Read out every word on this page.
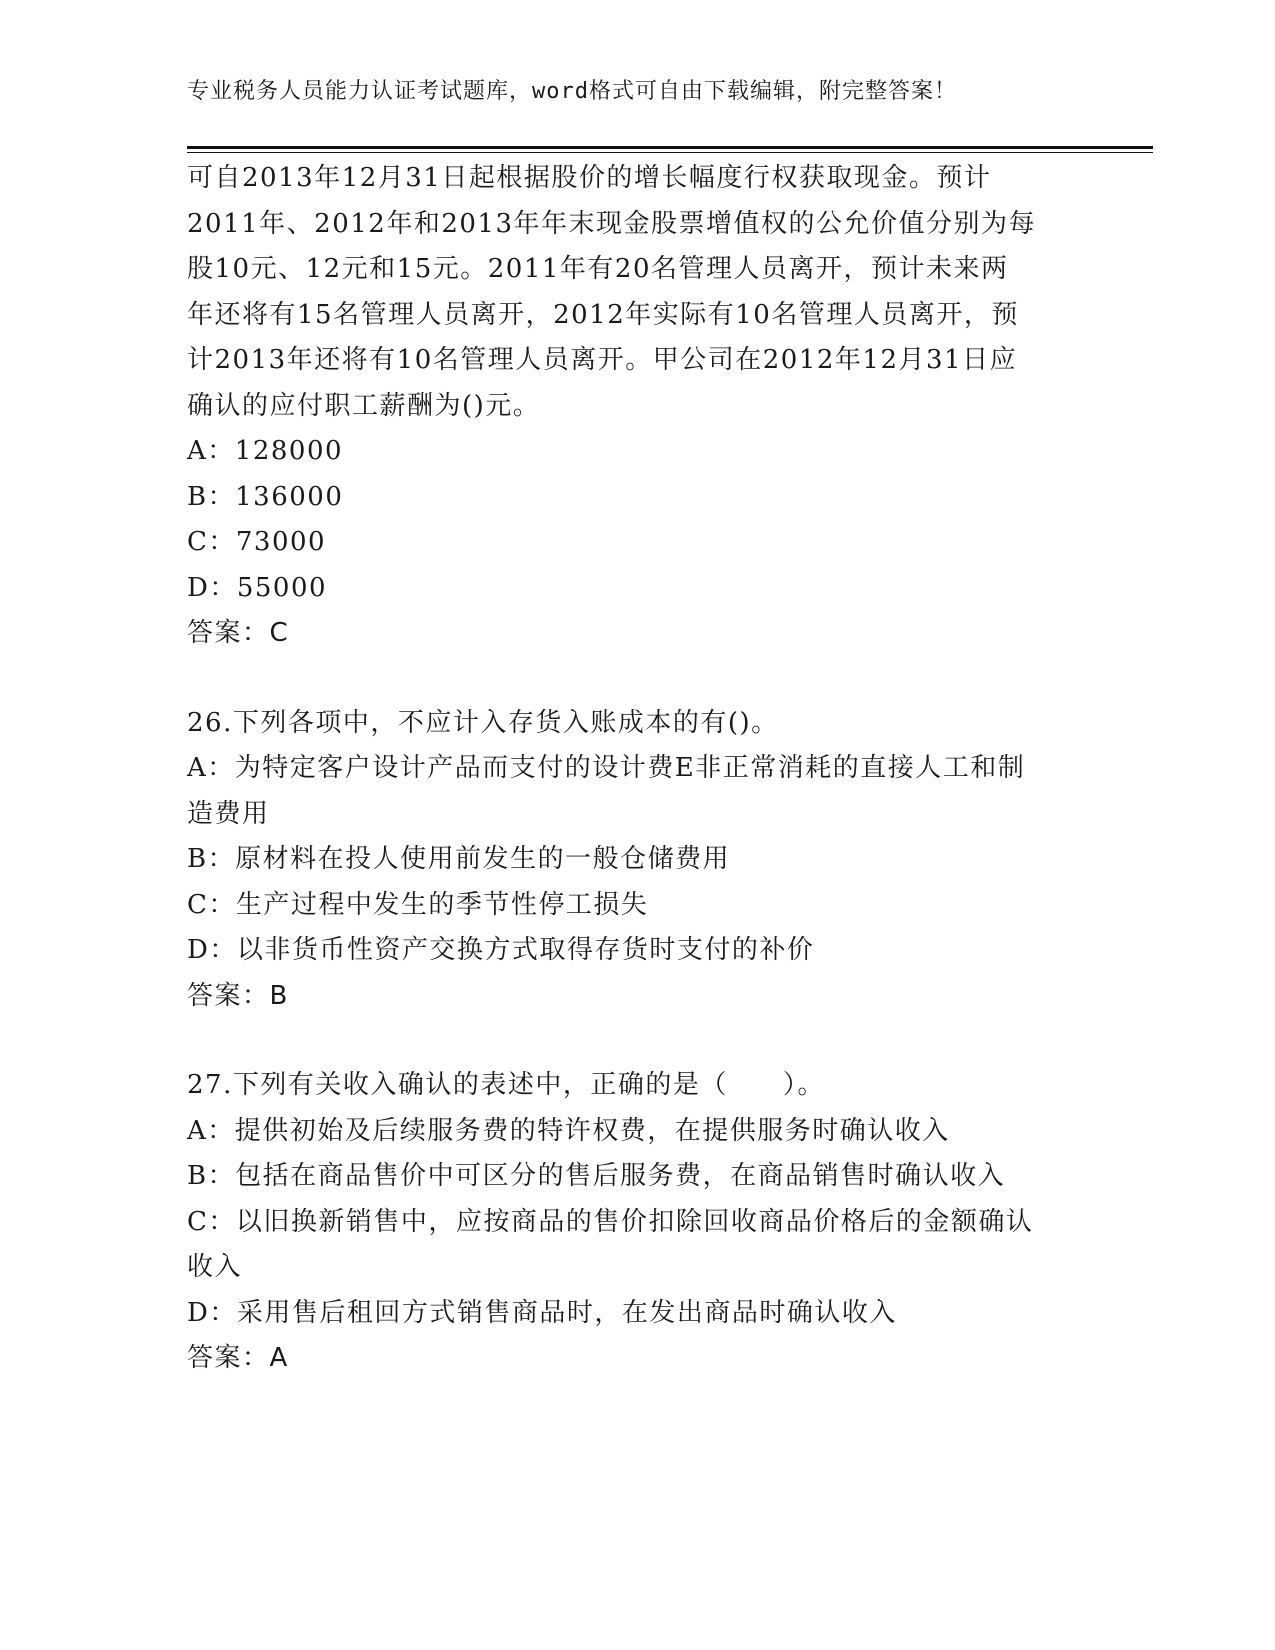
专业税务人员能力认证考试题库，word格式可自由下载编辑，附完整答案！
可自2013年12月31日起根据股价的增长幅度行权获取现金。预计
2011年、2012年和2013年年末现金股票增值权的公允价值分别为每
股10元、12元和15元。2011年有20名管理人员离开，预计未来两
年还将有15名管理人员离开，2012年实际有10名管理人员离开，预
计2013年还将有10名管理人员离开。甲公司在2012年12月31日应
确认的应付职工薪酬为()元。
A：128000
B：136000
C：73000
D：55000
答案：C
26.下列各项中，不应计入存货入账成本的有()。
A：为特定客户设计产品而支付的设计费E非正常消耗的直接人工和制
造费用
B：原材料在投人使用前发生的一般仓储费用
C：生产过程中发生的季节性停工损失
D：以非货币性资产交换方式取得存货时支付的补价
答案：B
27.下列有关收入确认的表述中，正确的是（　　）。
A：提供初始及后续服务费的特许权费，在提供服务时确认收入
B：包括在商品售价中可区分的售后服务费，在商品销售时确认收入
C：以旧换新销售中，应按商品的售价扣除回收商品价格后的金额确认
收入
D：采用售后租回方式销售商品时，在发出商品时确认收入
答案：A
